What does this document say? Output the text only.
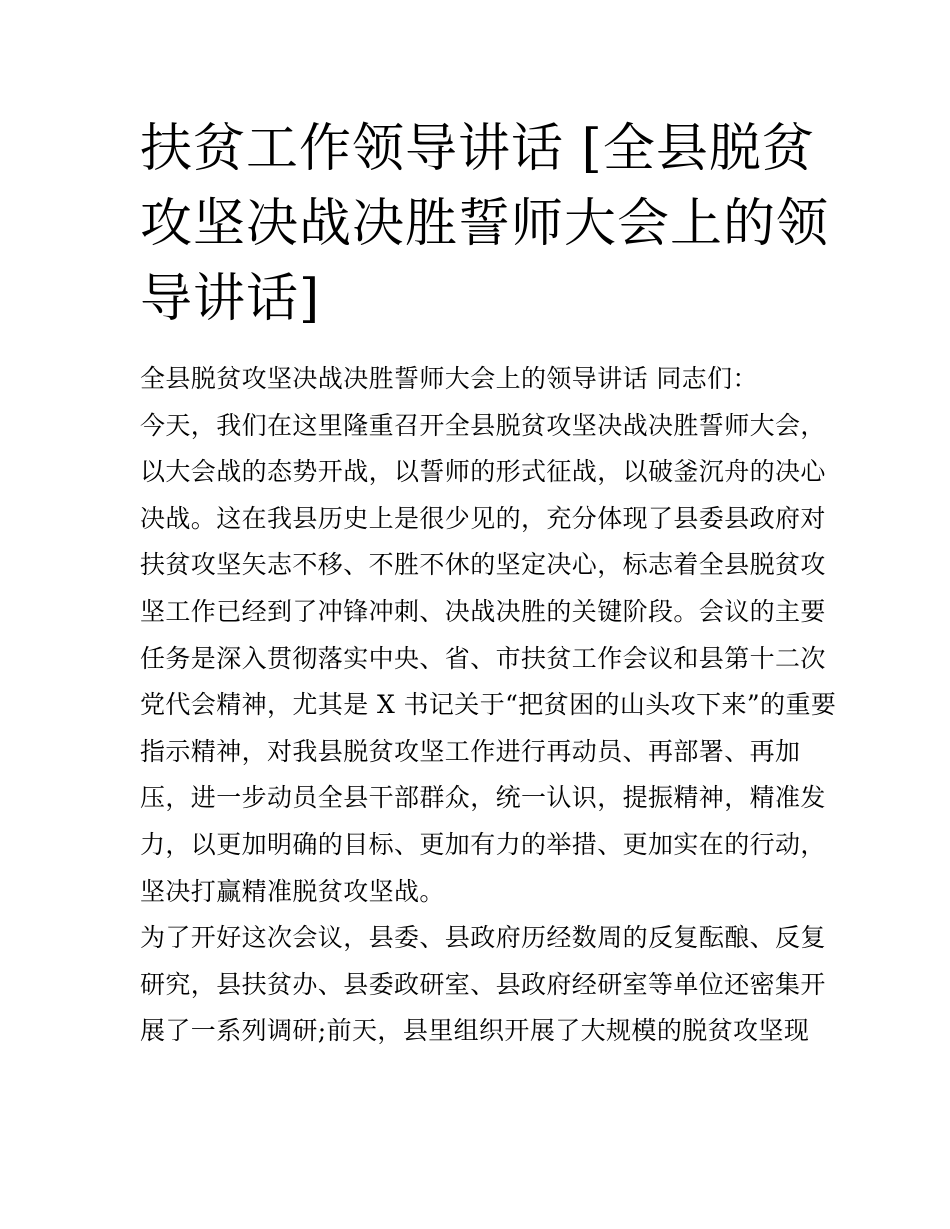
扶贫工作领导讲话 [全县脱贫
攻坚决战决胜誓师大会上的领
导讲话]
全县脱贫攻坚决战决胜誓师大会上的领导讲话 同志们：
今天，我们在这里隆重召开全县脱贫攻坚决战决胜誓师大会，
以大会战的态势开战，以誓师的形式征战，以破釜沉舟的决心
决战。这在我县历史上是很少见的，充分体现了县委县政府对
扶贫攻坚矢志不移、不胜不休的坚定决心，标志着全县脱贫攻
坚工作已经到了冲锋冲刺、决战决胜的关键阶段。会议的主要
任务是深入贯彻落实中央、省、市扶贫工作会议和县第十二次
党代会精神，尤其是 X 书记关于“把贫困的山头攻下来”的重要
指示精神，对我县脱贫攻坚工作进行再动员、再部署、再加
压，进一步动员全县干部群众，统一认识，提振精神，精准发
力，以更加明确的目标、更加有力的举措、更加实在的行动，
坚决打赢精准脱贫攻坚战。
为了开好这次会议，县委、县政府历经数周的反复酝酿、反复
研究，县扶贫办、县委政研室、县政府经研室等单位还密集开
展了一系列调研;前天，县里组织开展了大规模的脱贫攻坚现
